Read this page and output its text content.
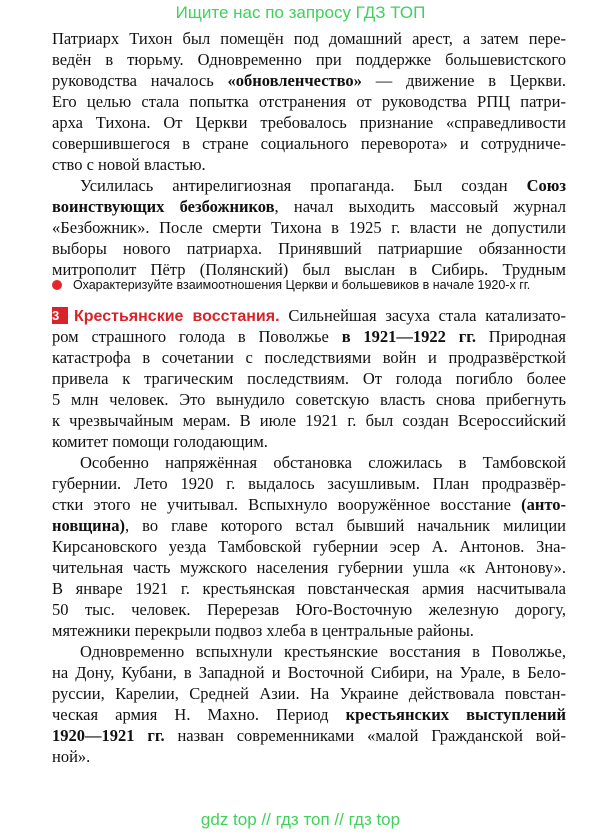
Ищите нас по запросу ГДЗ ТОП
Патриарх Тихон был помещён под домашний арест, а затем пере-
ведён в тюрьму. Одновременно при поддержке большевистского
руководства началось «обновленчество» — движение в Церкви.
Его целью стала попытка отстранения от руководства РПЦ патри-
арха Тихона. От Церкви требовалось признание «справедливости
совершившегося в стране социального переворота» и сотрудниче-
ство с новой властью.
Усилилась антирелигиозная пропаганда. Был создан Союз
воинствующих безбожников, начал выходить массовый журнал
«Безбожник». После смерти Тихона в 1925 г. власти не допустили
выборы нового патриарха. Принявший патриаршие обязанности
митрополит Пётр (Полянский) был выслан в Сибирь. Трудным
Охарактеризуйте взаимоотношения Церкви и большевиков в начале 1920-х гг.
3 Крестьянские восстания. Сильнейшая засуха стала катализато-
ром страшного голода в Поволжье в 1921—1922 гг. Природная
катастрофа в сочетании с последствиями войн и продразвёрсткой
привела к трагическим последствиям. От голода погибло более
5 млн человек. Это вынудило советскую власть снова прибегнуть
к чрезвычайным мерам. В июле 1921 г. был создан Всероссийский
комитет помощи голодающим.
Особенно напряжённая обстановка сложилась в Тамбовской
губернии. Лето 1920 г. выдалось засушливым. План продразвёр-
стки этого не учитывал. Вспыхнуло вооружённое восстание (анто-
новщина), во главе которого встал бывший начальник милиции
Кирсановского уезда Тамбовской губернии эсер А. Антонов. Зна-
чительная часть мужского населения губернии ушла «к Антонову».
В январе 1921 г. крестьянская повстанческая армия насчитывала
50 тыс. человек. Перерезав Юго-Восточную железную дорогу,
мятежники перекрыли подвоз хлеба в центральные районы.
Одновременно вспыхнули крестьянские восстания в Поволжье,
на Дону, Кубани, в Западной и Восточной Сибири, на Урале, в Бело-
руссии, Карелии, Средней Азии. На Украине действовала повстан-
ческая армия Н. Махно. Период крестьянских выступлений
1920—1921 гг. назван современниками «малой Гражданской вой-
ной».
gdz top // гдз топ // гдз top
